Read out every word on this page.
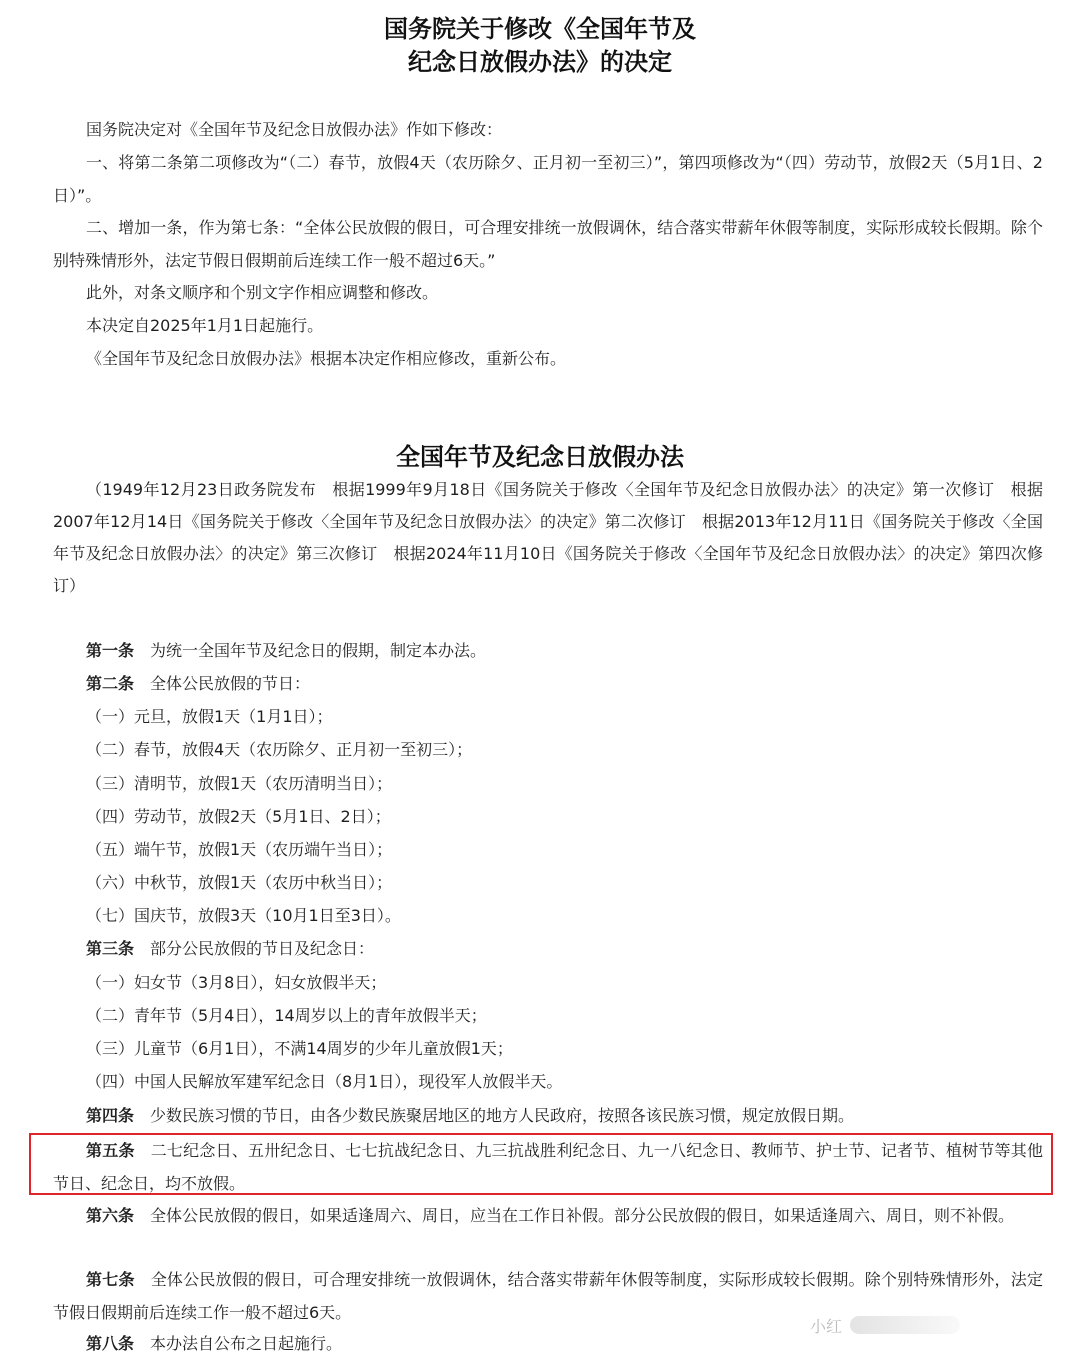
国务院关于修改《全国年节及
纪念日放假办法》的决定
国务院决定对《全国年节及纪念日放假办法》作如下修改：
一、将第二条第二项修改为“（二）春节，放假4天（农历除夕、正月初一至初三）”，第四项修改为“（四）劳动节，放假2天（5月1日、2日）”。
二、增加一条，作为第七条：“全体公民放假的假日，可合理安排统一放假调休，结合落实带薪年休假等制度，实际形成较长假期。除个别特殊情形外，法定节假日假期前后连续工作一般不超过6天。”
此外，对条文顺序和个别文字作相应调整和修改。
本决定自2025年1月1日起施行。
《全国年节及纪念日放假办法》根据本决定作相应修改，重新公布。
全国年节及纪念日放假办法
（1949年12月23日政务院发布　根据1999年9月18日《国务院关于修改〈全国年节及纪念日放假办法〉的决定》第一次修订　根据2007年12月14日《国务院关于修改〈全国年节及纪念日放假办法〉的决定》第二次修订　根据2013年12月11日《国务院关于修改〈全国年节及纪念日放假办法〉的决定》第三次修订　根据2024年11月10日《国务院关于修改〈全国年节及纪念日放假办法〉的决定》第四次修订）
第一条 为统一全国年节及纪念日的假期，制定本办法。
第二条 全体公民放假的节日：
（一）元旦，放假1天（1月1日）；
（二）春节，放假4天（农历除夕、正月初一至初三）；
（三）清明节，放假1天（农历清明当日）；
（四）劳动节，放假2天（5月1日、2日）；
（五）端午节，放假1天（农历端午当日）；
（六）中秋节，放假1天（农历中秋当日）；
（七）国庆节，放假3天（10月1日至3日）。
第三条 部分公民放假的节日及纪念日：
（一）妇女节（3月8日），妇女放假半天；
（二）青年节（5月4日），14周岁以上的青年放假半天；
（三）儿童节（6月1日），不满14周岁的少年儿童放假1天；
（四）中国人民解放军建军纪念日（8月1日），现役军人放假半天。
第四条 少数民族习惯的节日，由各少数民族聚居地区的地方人民政府，按照各该民族习惯，规定放假日期。
第五条 二七纪念日、五卅纪念日、七七抗战纪念日、九三抗战胜利纪念日、九一八纪念日、教师节、护士节、记者节、植树节等其他节日、纪念日，均不放假。
第六条 全体公民放假的假日，如果适逢周六、周日，应当在工作日补假。部分公民放假的假日，如果适逢周六、周日，则不补假。
第七条 全体公民放假的假日，可合理安排统一放假调休，结合落实带薪年休假等制度，实际形成较长假期。除个别特殊情形外，法定节假日假期前后连续工作一般不超过6天。
第八条 本办法自公布之日起施行。
小红
